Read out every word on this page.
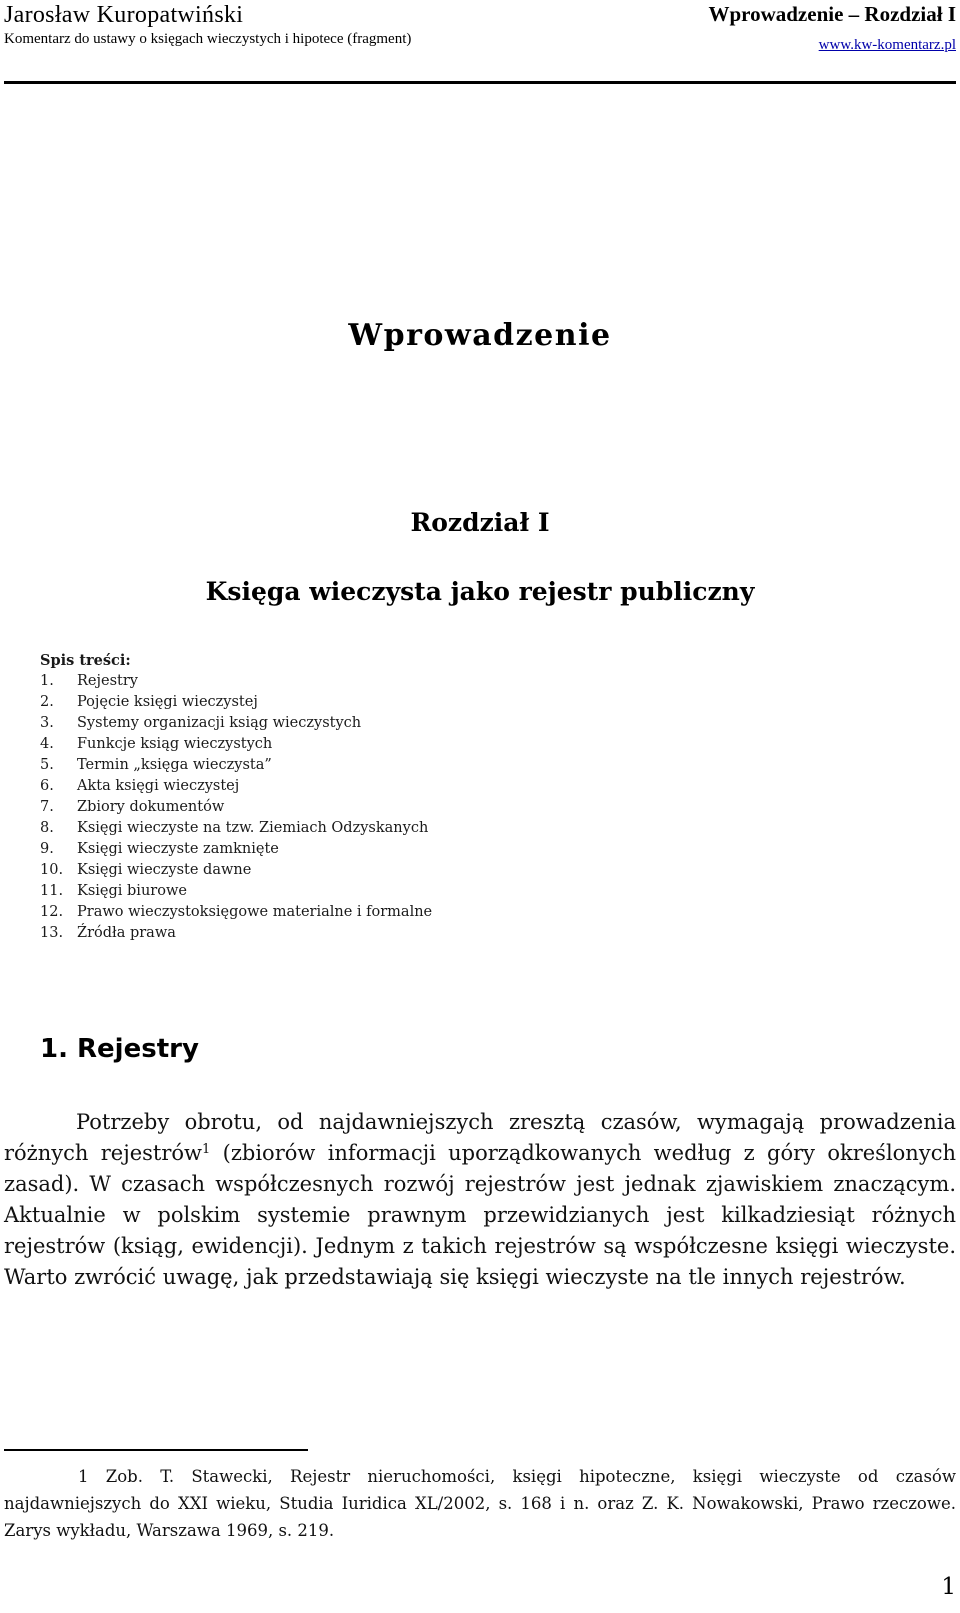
Jarosław Kuropatwiński
Komentarz do ustawy o księgach wieczystych i hipotece (fragment)
Wprowadzenie – Rozdział I
www.kw-komentarz.pl
Wprowadzenie
Rozdział I
Księga wieczysta jako rejestr publiczny
Spis treści:
1. Rejestry
2. Pojęcie księgi wieczystej
3. Systemy organizacji ksiąg wieczystych
4. Funkcje ksiąg wieczystych
5. Termin „księga wieczysta”
6. Akta księgi wieczystej
7. Zbiory dokumentów
8. Księgi wieczyste na tzw. Ziemiach Odzyskanych
9. Księgi wieczyste zamknięte
10. Księgi wieczyste dawne
11. Księgi biurowe
12. Prawo wieczystoksięgowe materialne i formalne
13. Źródła prawa
1. Rejestry

Potrzeby obrotu, od najdawniejszych zresztą czasów, wymagają prowadzenia różnych rejestrów$^1$ (zbiorów informacji uporządkowanych według z góry określonych zasad). W czasach współczesnych rozwój rejestrów jest jednak zjawiskiem znaczącym. Aktualnie w polskim systemie prawnym przewidzianych jest kilkadziesiąt różnych rejestrów (ksiąg, ewidencji). Jednym z takich rejestrów są współczesne księgi wieczyste. Warto zwrócić uwagę, jak przedstawiają się księgi wieczyste na tle innych rejestrów.

1 Zob. T. Stawecki, Rejestr nieruchomości, księgi hipoteczne, księgi wieczyste od czasów najdawniejszych do XXI wieku, Studia Iuridica XL/2002, s. 168 i n. oraz Z. K. Nowakowski, Prawo rzeczowe. Zarys wykładu, Warszawa 1969, s. 219.

1
